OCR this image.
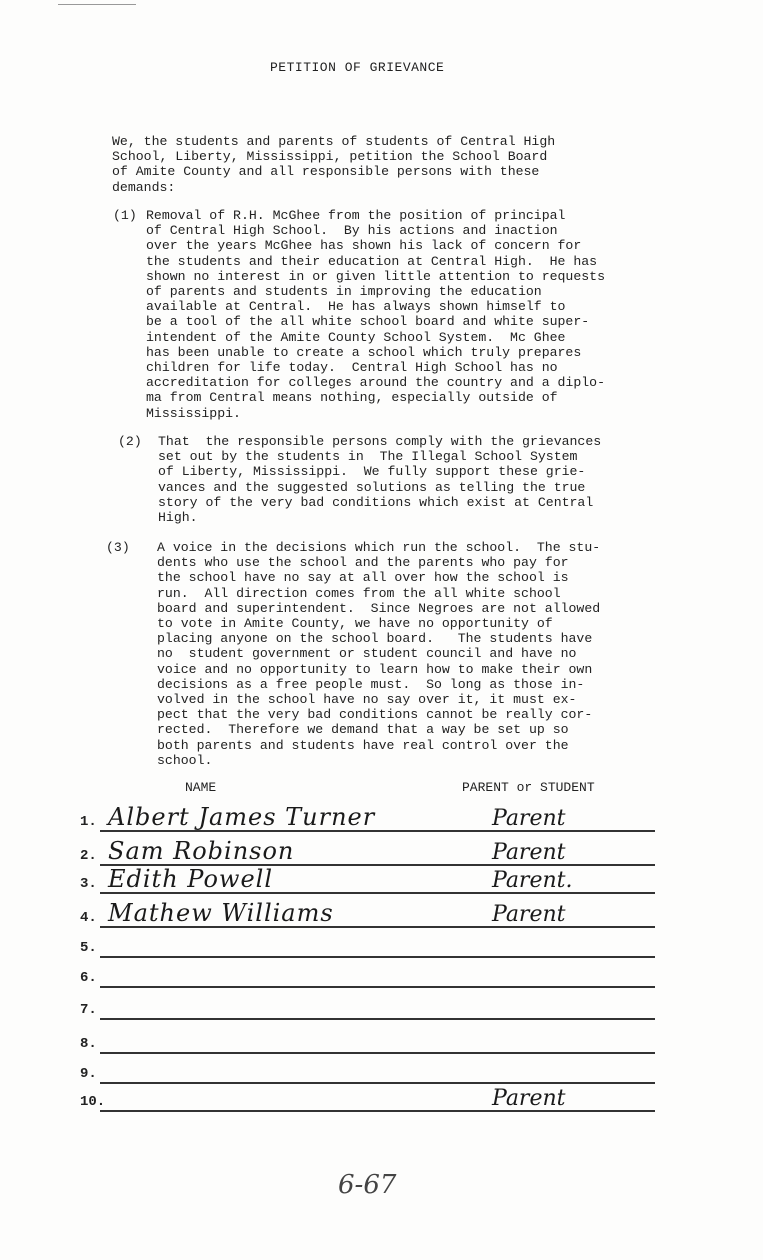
PETITION OF GRIEVANCE
We, the students and parents of students of Central High
School, Liberty, Mississippi, petition the School Board
of Amite County and all responsible persons with these
demands:
(1) Removal of R.H. McGhee from the position of principal
of Central High School.  By his actions and inaction
over the years McGhee has shown his lack of concern for
the students and their education at Central High.  He has
shown no interest in or given little attention to requests
of parents and students in improving the education
available at Central.  He has always shown himself to
be a tool of the all white school board and white super-
intendent of the Amite County School System.  Mc Ghee
has been unable to create a school which truly prepares
children for life today.  Central High School has no
accreditation for colleges around the country and a diplo-
ma from Central means nothing, especially outside of
Mississippi.
(2) That  the responsible persons comply with the grievances
set out by the students in  The Illegal School System
of Liberty, Mississippi.  We fully support these grie-
vances and the suggested solutions as telling the true
story of the very bad conditions which exist at Central
High.
(3) A voice in the decisions which run the school.  The stu-
dents who use the school and the parents who pay for
the school have no say at all over how the school is
run.  All direction comes from the all white school
board and superintendent.  Since Negroes are not allowed
to vote in Amite County, we have no opportunity of
placing anyone on the school board.   The students have
no  student government or student council and have no
voice and no opportunity to learn how to make their own
decisions as a free people must.  So long as those in-
volved in the school have no say over it, it must ex-
pect that the very bad conditions cannot be really cor-
rected.  Therefore we demand that a way be set up so
both parents and students have real control over the
school.
NAME	PARENT or STUDENT
1. Albert James Turner	Parent
2. Sam Robinson	Parent
3. Edith Powell	Parent.
4. Mathew Williams	Parent
5.
6.
7.
8.
9.
10.	Parent
6-67
